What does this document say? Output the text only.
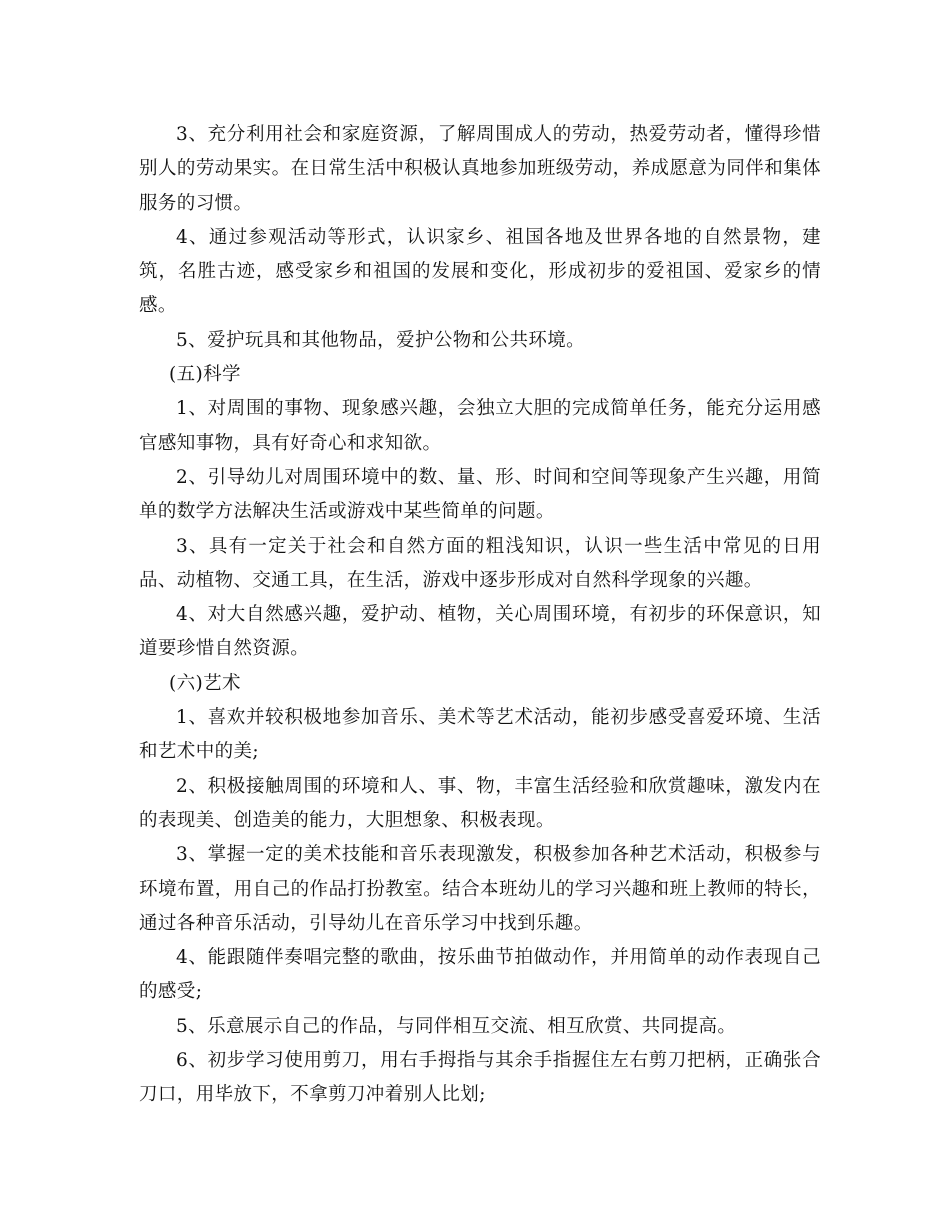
3、充分利用社会和家庭资源，了解周围成人的劳动，热爱劳动者，懂得珍惜别人的劳动果实。在日常生活中积极认真地参加班级劳动，养成愿意为同伴和集体服务的习惯。

4、通过参观活动等形式，认识家乡、祖国各地及世界各地的自然景物，建筑，名胜古迹，感受家乡和祖国的发展和变化，形成初步的爱祖国、爱家乡的情感。

5、爱护玩具和其他物品，爱护公物和公共环境。

(五)科学

1、对周围的事物、现象感兴趣，会独立大胆的完成简单任务，能充分运用感官感知事物，具有好奇心和求知欲。

2、引导幼儿对周围环境中的数、量、形、时间和空间等现象产生兴趣，用简单的数学方法解决生活或游戏中某些简单的问题。

3、具有一定关于社会和自然方面的粗浅知识，认识一些生活中常见的日用品、动植物、交通工具，在生活，游戏中逐步形成对自然科学现象的兴趣。

4、对大自然感兴趣，爱护动、植物，关心周围环境，有初步的环保意识，知道要珍惜自然资源。

(六)艺术

1、喜欢并较积极地参加音乐、美术等艺术活动，能初步感受喜爱环境、生活和艺术中的美;

2、积极接触周围的环境和人、事、物，丰富生活经验和欣赏趣味，激发内在的表现美、创造美的能力，大胆想象、积极表现。

3、掌握一定的美术技能和音乐表现激发，积极参加各种艺术活动，积极参与环境布置，用自己的作品打扮教室。结合本班幼儿的学习兴趣和班上教师的特长，通过各种音乐活动，引导幼儿在音乐学习中找到乐趣。

4、能跟随伴奏唱完整的歌曲，按乐曲节拍做动作，并用简单的动作表现自己的感受;

5、乐意展示自己的作品，与同伴相互交流、相互欣赏、共同提高。

6、初步学习使用剪刀，用右手拇指与其余手指握住左右剪刀把柄，正确张合刀口，用毕放下，不拿剪刀冲着别人比划;
